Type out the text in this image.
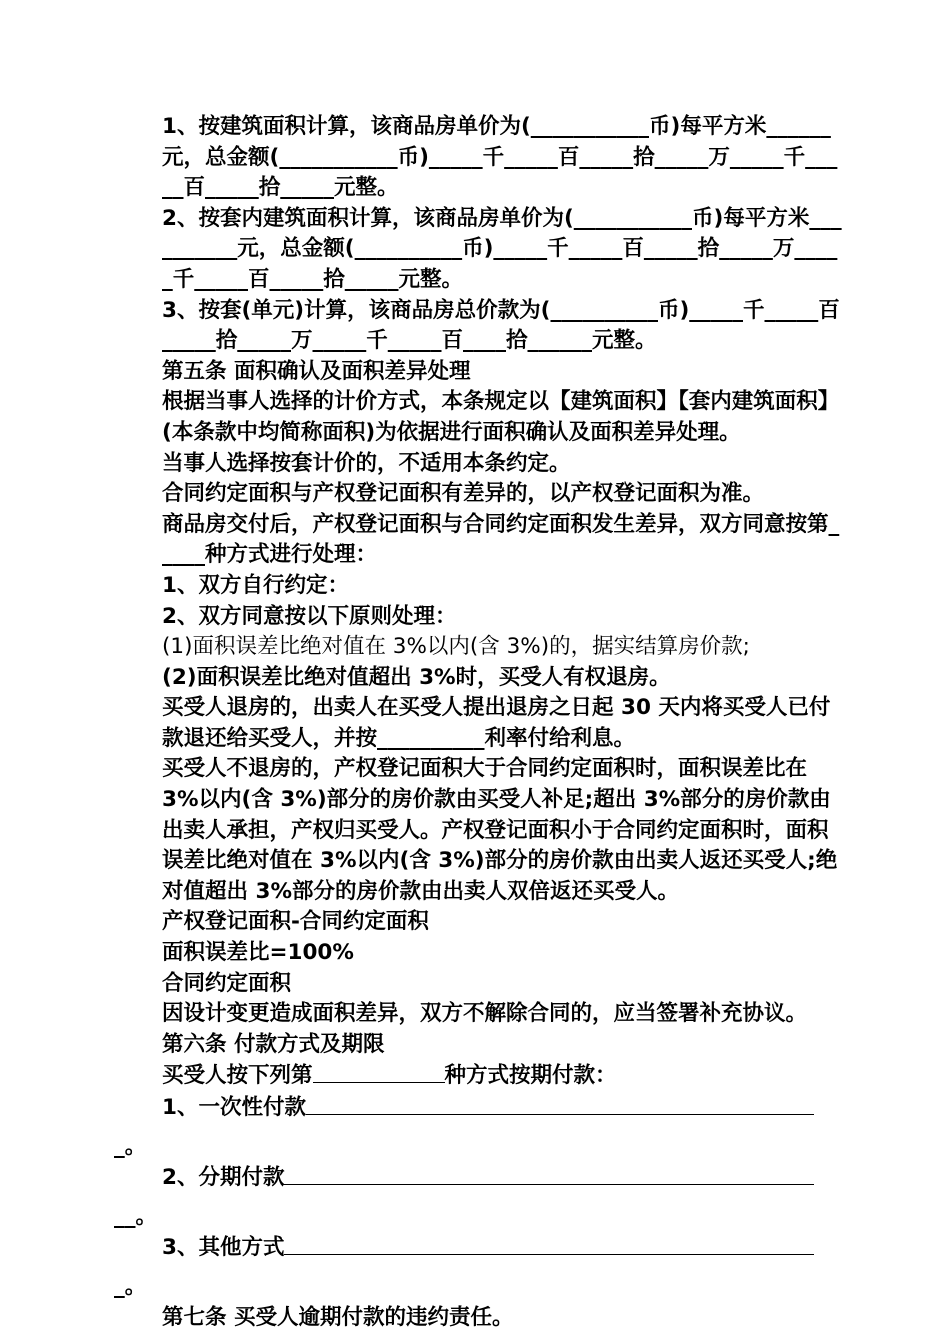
1、按建筑面积计算，该商品房单价为(___________币)每平方米______元，总金额(___________币)_____千_____百_____拾_____万_____千_____百_____拾_____元整。

2、按套内建筑面积计算，该商品房单价为(___________币)每平方米__________元，总金额(__________币)_____千_____百_____拾_____万_____千_____百_____拾_____元整。

3、按套(单元)计算，该商品房总价款为(__________币)_____千_____百_____拾_____万_____千_____百____拾______元整。

第五条 面积确认及面积差异处理

根据当事人选择的计价方式，本条规定以【建筑面积】【套内建筑面积】(本条款中均简称面积)为依据进行面积确认及面积差异处理。

当事人选择按套计价的，不适用本条约定。

合同约定面积与产权登记面积有差异的，以产权登记面积为准。

商品房交付后，产权登记面积与合同约定面积发生差异，双方同意按第_____种方式进行处理：

1、双方自行约定：

2、双方同意按以下原则处理：

(1)面积误差比绝对值在 3%以内(含 3%)的，据实结算房价款;

(2)面积误差比绝对值超出 3%时，买受人有权退房。

买受人退房的，出卖人在买受人提出退房之日起 30 天内将买受人已付款退还给买受人，并按__________利率付给利息。

买受人不退房的，产权登记面积大于合同约定面积时，面积误差比在 3%以内(含 3%)部分的房价款由买受人补足;超出 3%部分的房价款由出卖人承担，产权归买受人。产权登记面积小于合同约定面积时，面积误差比绝对值在 3%以内(含 3%)部分的房价款由出卖人返还买受人;绝对值超出 3%部分的房价款由出卖人双倍返还买受人。

产权登记面积-合同约定面积

面积误差比=100%

合同约定面积

因设计变更造成面积差异，双方不解除合同的，应当签署补充协议。

第六条 付款方式及期限

买受人按下列第	种方式按期付款：

1、一次性付款

_。

2、分期付款

__。

3、其他方式

_。

第七条 买受人逾期付款的违约责任。
